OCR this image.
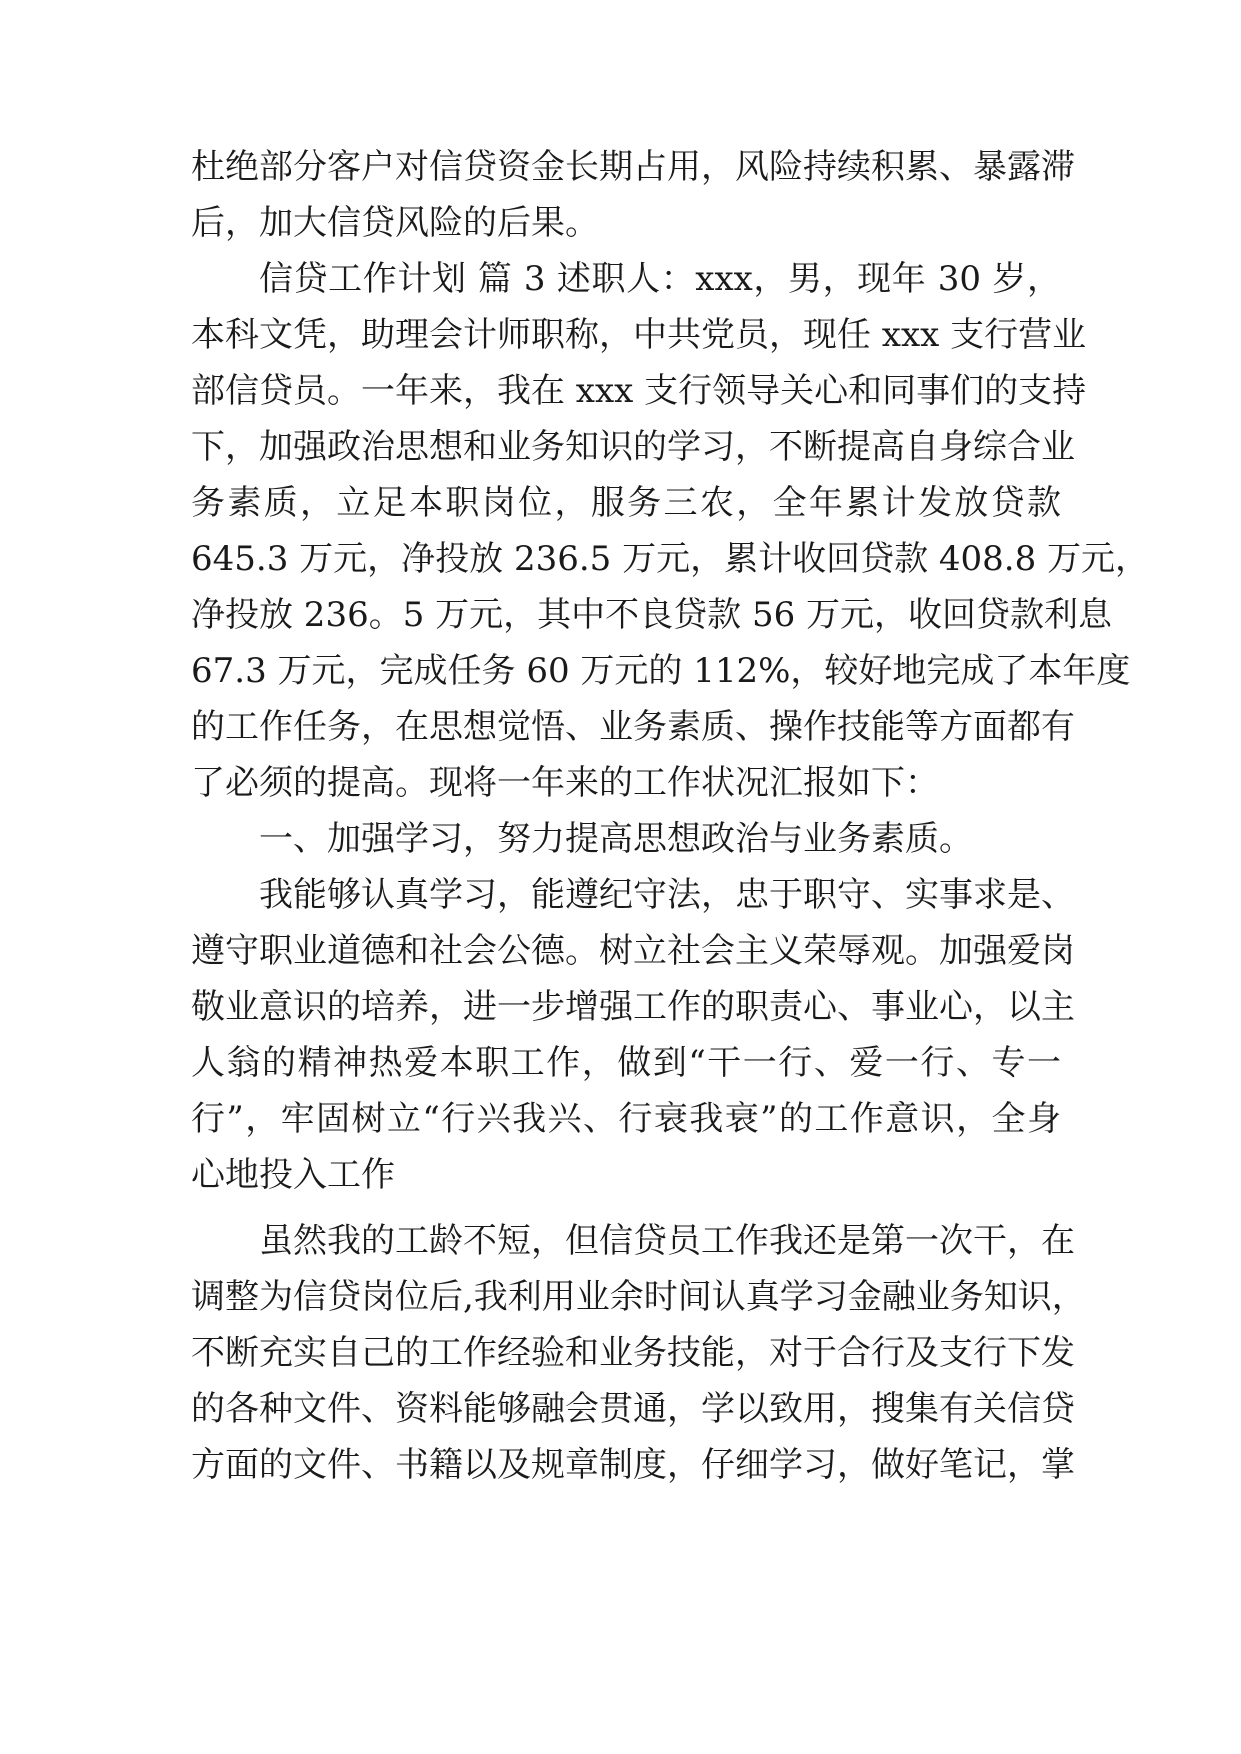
杜绝部分客户对信贷资金长期占用，风险持续积累、暴露滞
后，加大信贷风险的后果。
信贷工作计划 篇 3 述职人：xxx，男，现年 30 岁，
本科文凭，助理会计师职称，中共党员，现任 xxx 支行营业
部信贷员。一年来，我在 xxx 支行领导关心和同事们的支持
下，加强政治思想和业务知识的学习，不断提高自身综合业
务素质，立足本职岗位，服务三农，全年累计发放贷款
645.3 万元，净投放 236.5 万元，累计收回贷款 408.8 万元，
净投放 236。5 万元，其中不良贷款 56 万元，收回贷款利息
67.3 万元，完成任务 60 万元的 112%，较好地完成了本年度
的工作任务，在思想觉悟、业务素质、操作技能等方面都有
了必须的提高。现将一年来的工作状况汇报如下：
一、加强学习，努力提高思想政治与业务素质。
我能够认真学习，能遵纪守法，忠于职守、实事求是、
遵守职业道德和社会公德。树立社会主义荣辱观。加强爱岗
敬业意识的培养，进一步增强工作的职责心、事业心，以主
人翁的精神热爱本职工作，做到“干一行、爱一行、专一
行”，牢固树立“行兴我兴、行衰我衰”的工作意识，全身
心地投入工作
虽然我的工龄不短，但信贷员工作我还是第一次干，在
调整为信贷岗位后,我利用业余时间认真学习金融业务知识，
不断充实自己的工作经验和业务技能，对于合行及支行下发
的各种文件、资料能够融会贯通，学以致用，搜集有关信贷
方面的文件、书籍以及规章制度，仔细学习，做好笔记，掌
